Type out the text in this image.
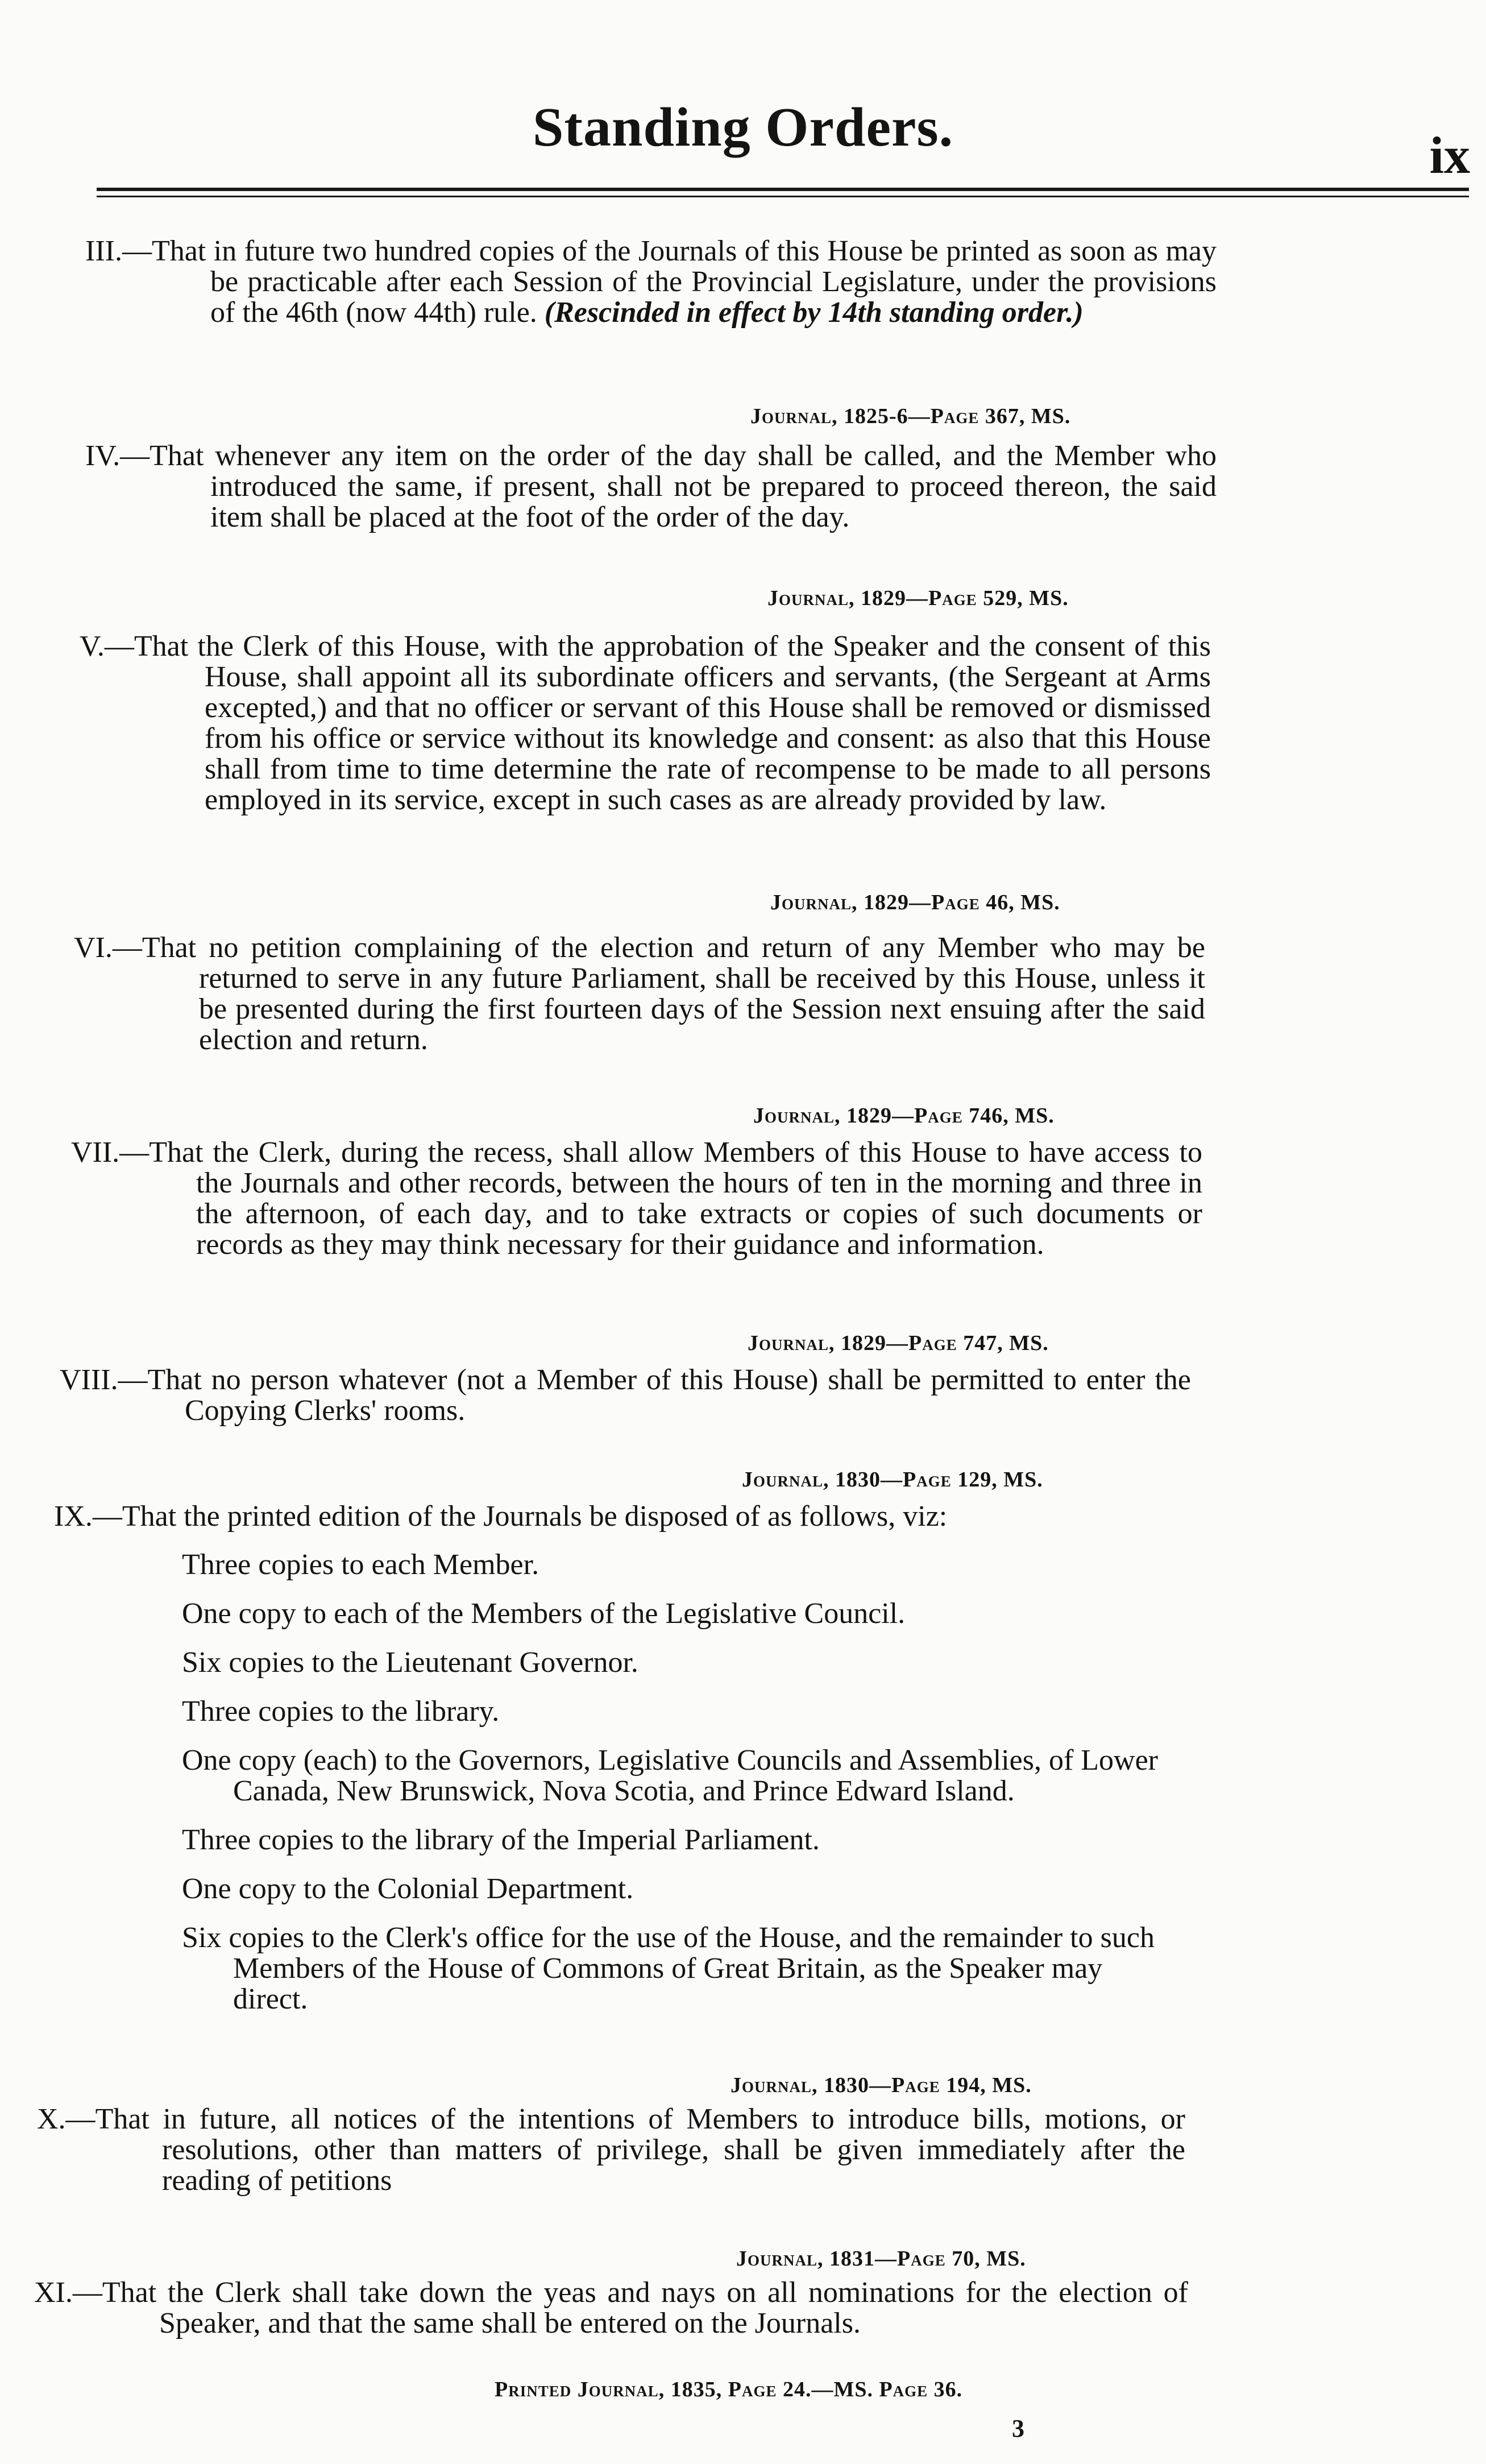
Standing Orders.	ix

III.—That in future two hundred copies of the Journals of this House be printed as soon as may be practicable after each Session of the Provincial Legislature, under the provisions of the 46th (now 44th) rule. (Rescinded in effect by 14th standing order.)

Journal, 1825-6—Page 367, MS.

IV.—That whenever any item on the order of the day shall be called, and the Member who introduced the same, if present, shall not be prepared to proceed thereon, the said item shall be placed at the foot of the order of the day.

Journal, 1829—Page 529, MS.

V.—That the Clerk of this House, with the approbation of the Speaker and the consent of this House, shall appoint all its subordinate officers and servants, (the Sergeant at Arms excepted,) and that no officer or servant of this House shall be removed or dismissed from his office or service without its knowledge and consent: as also that this House shall from time to time determine the rate of recompense to be made to all persons employed in its service, except in such cases as are already provided by law.

Journal, 1829—Page 46, MS.

VI.—That no petition complaining of the election and return of any Member who may be returned to serve in any future Parliament, shall be received by this House, unless it be presented during the first fourteen days of the Session next ensuing after the said election and return.

Journal, 1829—Page 746, MS.

VII.—That the Clerk, during the recess, shall allow Members of this House to have access to the Journals and other records, between the hours of ten in the morning and three in the afternoon, of each day, and to take extracts or copies of such documents or records as they may think necessary for their guidance and information.

Journal, 1829—Page 747, MS.

VIII.—That no person whatever (not a Member of this House) shall be permitted to enter the Copying Clerks' rooms.

Journal, 1830—Page 129, MS.

IX.—That the printed edition of the Journals be disposed of as follows, viz:

Three copies to each Member.
One copy to each of the Members of the Legislative Council.
Six copies to the Lieutenant Governor.
Three copies to the library.
One copy (each) to the Governors, Legislative Councils and Assemblies, of Lower Canada, New Brunswick, Nova Scotia, and Prince Edward Island.
Three copies to the library of the Imperial Parliament.
One copy to the Colonial Department.
Six copies to the Clerk's office for the use of the House, and the remainder to such Members of the House of Commons of Great Britain, as the Speaker may direct.
Journal, 1830—Page 194, MS.

X.—That in future, all notices of the intentions of Members to introduce bills, motions, or resolutions, other than matters of privilege, shall be given immediately after the reading of petitions

Journal, 1831—Page 70, MS.

XI.—That the Clerk shall take down the yeas and nays on all nominations for the election of Speaker, and that the same shall be entered on the Journals.

Printed Journal, 1835, Page 24.—MS. Page 36.
3
